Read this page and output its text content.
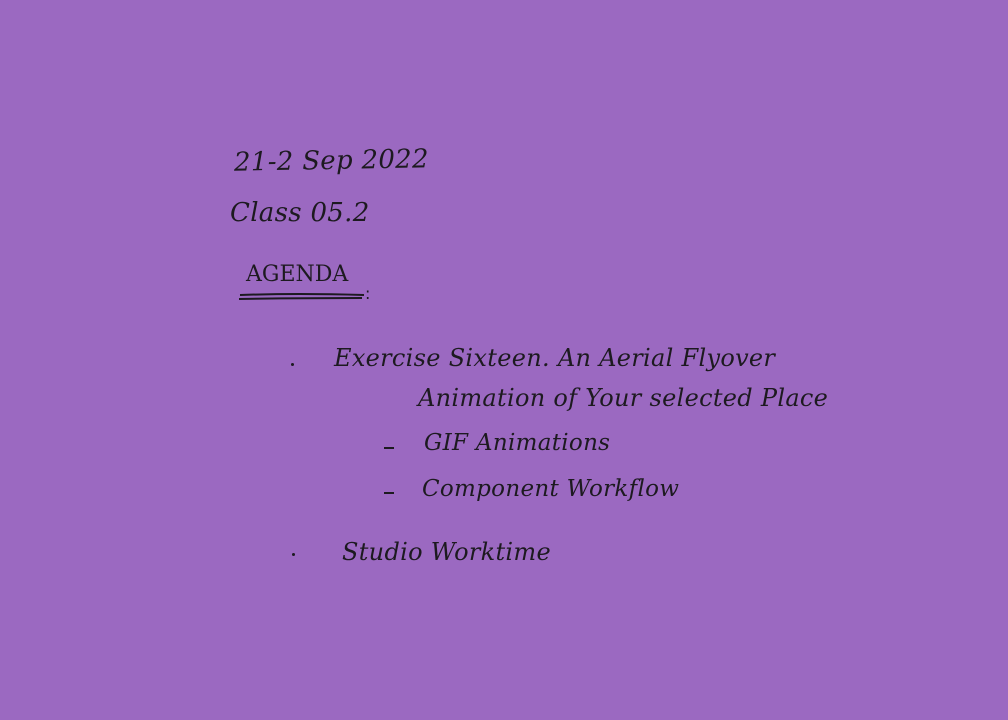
21-2 Sep 2022
Class 05.2
AGENDA
:
Exercise Sixteen. An Aerial Flyover
Animation of Your selected Place
GIF Animations
Component Workflow
Studio Worktime
